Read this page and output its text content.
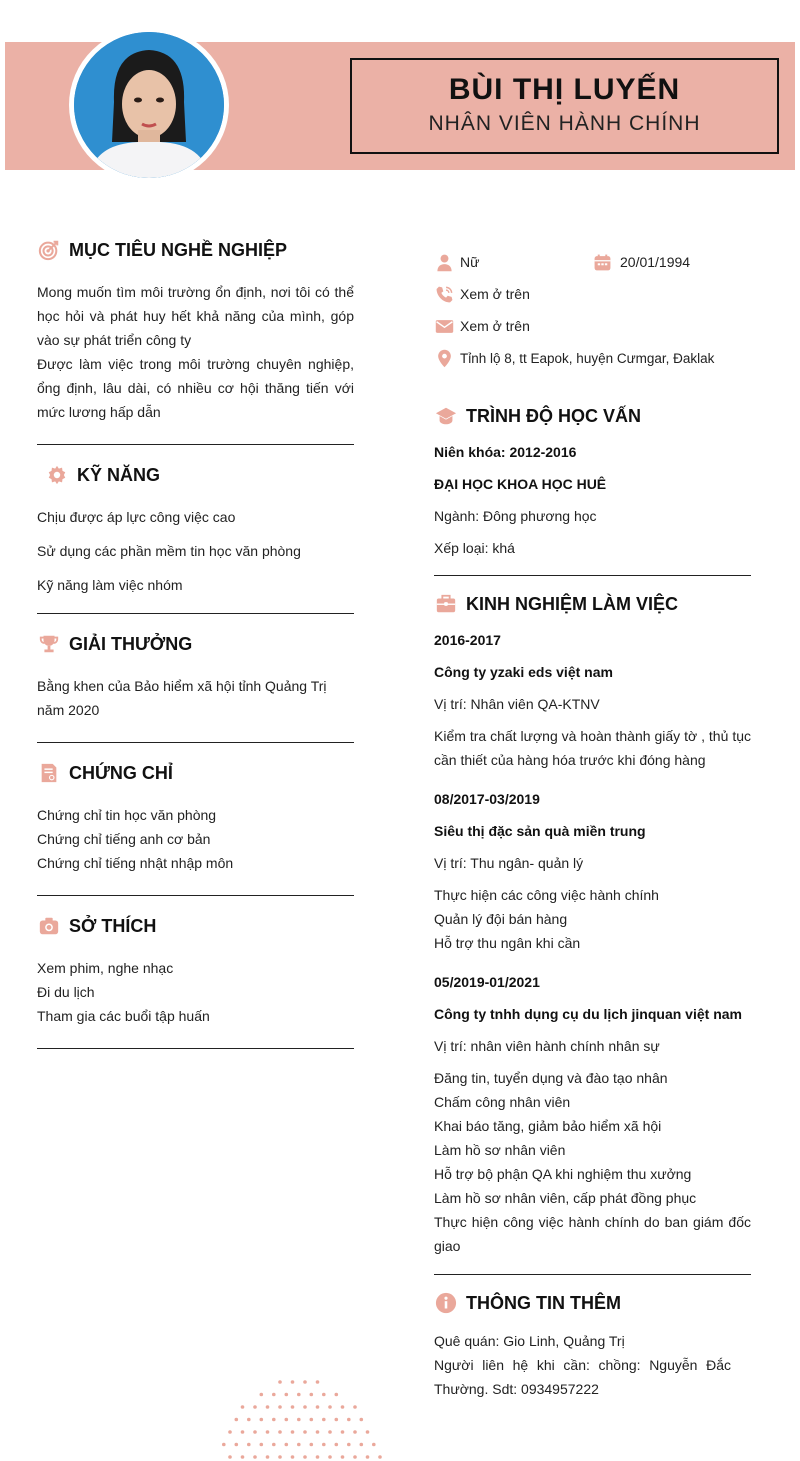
BÙI THỊ LUYẾN
NHÂN VIÊN HÀNH CHÍNH
MỤC TIÊU NGHỀ NGHIỆP

Mong muốn tìm môi trường ổn định, nơi tôi có thể học hỏi và phát huy hết khả năng của mình, góp vào sự phát triển công ty

Được làm việc trong môi trường chuyên nghiệp, ổng định, lâu dài, có nhiều cơ hội thăng tiến với mức lương hấp dẫn

KỸ NĂNG

Chịu được áp lực công việc cao

Sử dụng các phần mềm tin học văn phòng

Kỹ năng làm việc nhóm

GIẢI THƯỞNG

Bằng khen của Bảo hiểm xã hội tỉnh Quảng Trị năm 2020

CHỨNG CHỈ

Chứng chỉ tin học văn phòng

Chứng chỉ tiếng anh cơ bản

Chứng chỉ tiếng nhật nhập môn

SỞ THÍCH

Xem phim, nghe nhạc

Đi du lịch

Tham gia các buổi tập huấn

Nữ	20/01/1994
Xem ở trên
Xem ở trên
Tỉnh lộ 8, tt Eapok, huyện Cưmgar, Đaklak
TRÌNH ĐỘ HỌC VẤN

Niên khóa: 2012-2016

ĐẠI HỌC KHOA HỌC HUÊ

Ngành: Đông phương học

Xếp loại: khá

KINH NGHIỆM LÀM VIỆC

2016-2017

Công ty yzaki eds việt nam

Vị trí: Nhân viên QA-KTNV

Kiểm tra chất lượng và hoàn thành giấy tờ , thủ tục cần thiết của hàng hóa trước khi đóng hàng

08/2017-03/2019

Siêu thị đặc sản quà miền trung

Vị trí: Thu ngân- quản lý

Thực hiện các công việc hành chính

Quản lý đội bán hàng

Hỗ trợ thu ngân khi cần

05/2019-01/2021

Công ty tnhh dụng cụ du lịch jinquan việt nam

Vị trí: nhân viên hành chính nhân sự

Đăng tin, tuyển dụng và đào tạo nhân

Chấm công nhân viên

Khai báo tăng, giảm bảo hiểm xã hội

Làm hồ sơ nhân viên

Hỗ trợ bộ phận QA khi nghiệm thu xưởng

Làm hồ sơ nhân viên, cấp phát đồng phục

Thực hiện công việc hành chính do ban giám đốc giao

THÔNG TIN THÊM

Quê quán: Gio Linh, Quảng Trị

Người liên hệ khi cần: chồng: Nguyễn Đắc Thường. Sdt: 0934957222
